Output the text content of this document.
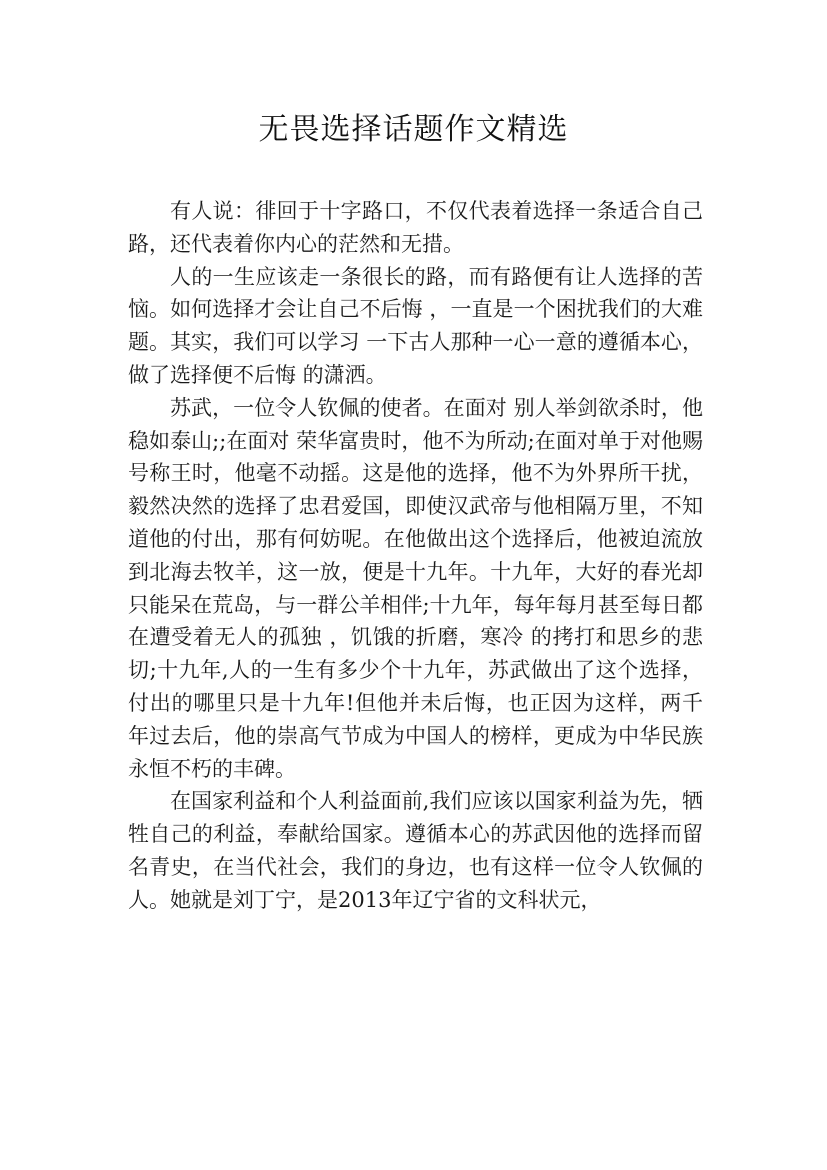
无畏选择话题作文精选

有人说：徘回于十字路口，不仅代表着选择一条适合自己路，还代表着你内心的茫然和无措。

人的一生应该走一条很长的路，而有路便有让人选择的苦恼。如何选择才会让自己不后悔 ，一直是一个困扰我们的大难题。其实，我们可以学习 一下古人那种一心一意的遵循本心，做了选择便不后悔 的潇洒。

苏武，一位令人钦佩的使者。在面对 别人举剑欲杀时，他稳如泰山;;在面对 荣华富贵时，他不为所动;在面对单于对他赐号称王时，他毫不动摇。这是他的选择，他不为外界所干扰，毅然决然的选择了忠君爱国，即使汉武帝与他相隔万里，不知道他的付出，那有何妨呢。在他做出这个选择后，他被迫流放到北海去牧羊，这一放，便是十九年。十九年，大好的春光却只能呆在荒岛，与一群公羊相伴;十九年，每年每月甚至每日都在遭受着无人的孤独 ，饥饿的折磨，寒冷 的拷打和思乡的悲切;十九年,人的一生有多少个十九年，苏武做出了这个选择，付出的哪里只是十九年!但他并未后悔，也正因为这样，两千年过去后，他的崇高气节成为中国人的榜样，更成为中华民族永恒不朽的丰碑。

在国家利益和个人利益面前,我们应该以国家利益为先，牺牲自己的利益，奉献给国家。遵循本心的苏武因他的选择而留名青史，在当代社会，我们的身边，也有这样一位令人钦佩的人。她就是刘丁宁，是2013年辽宁省的文科状元，
